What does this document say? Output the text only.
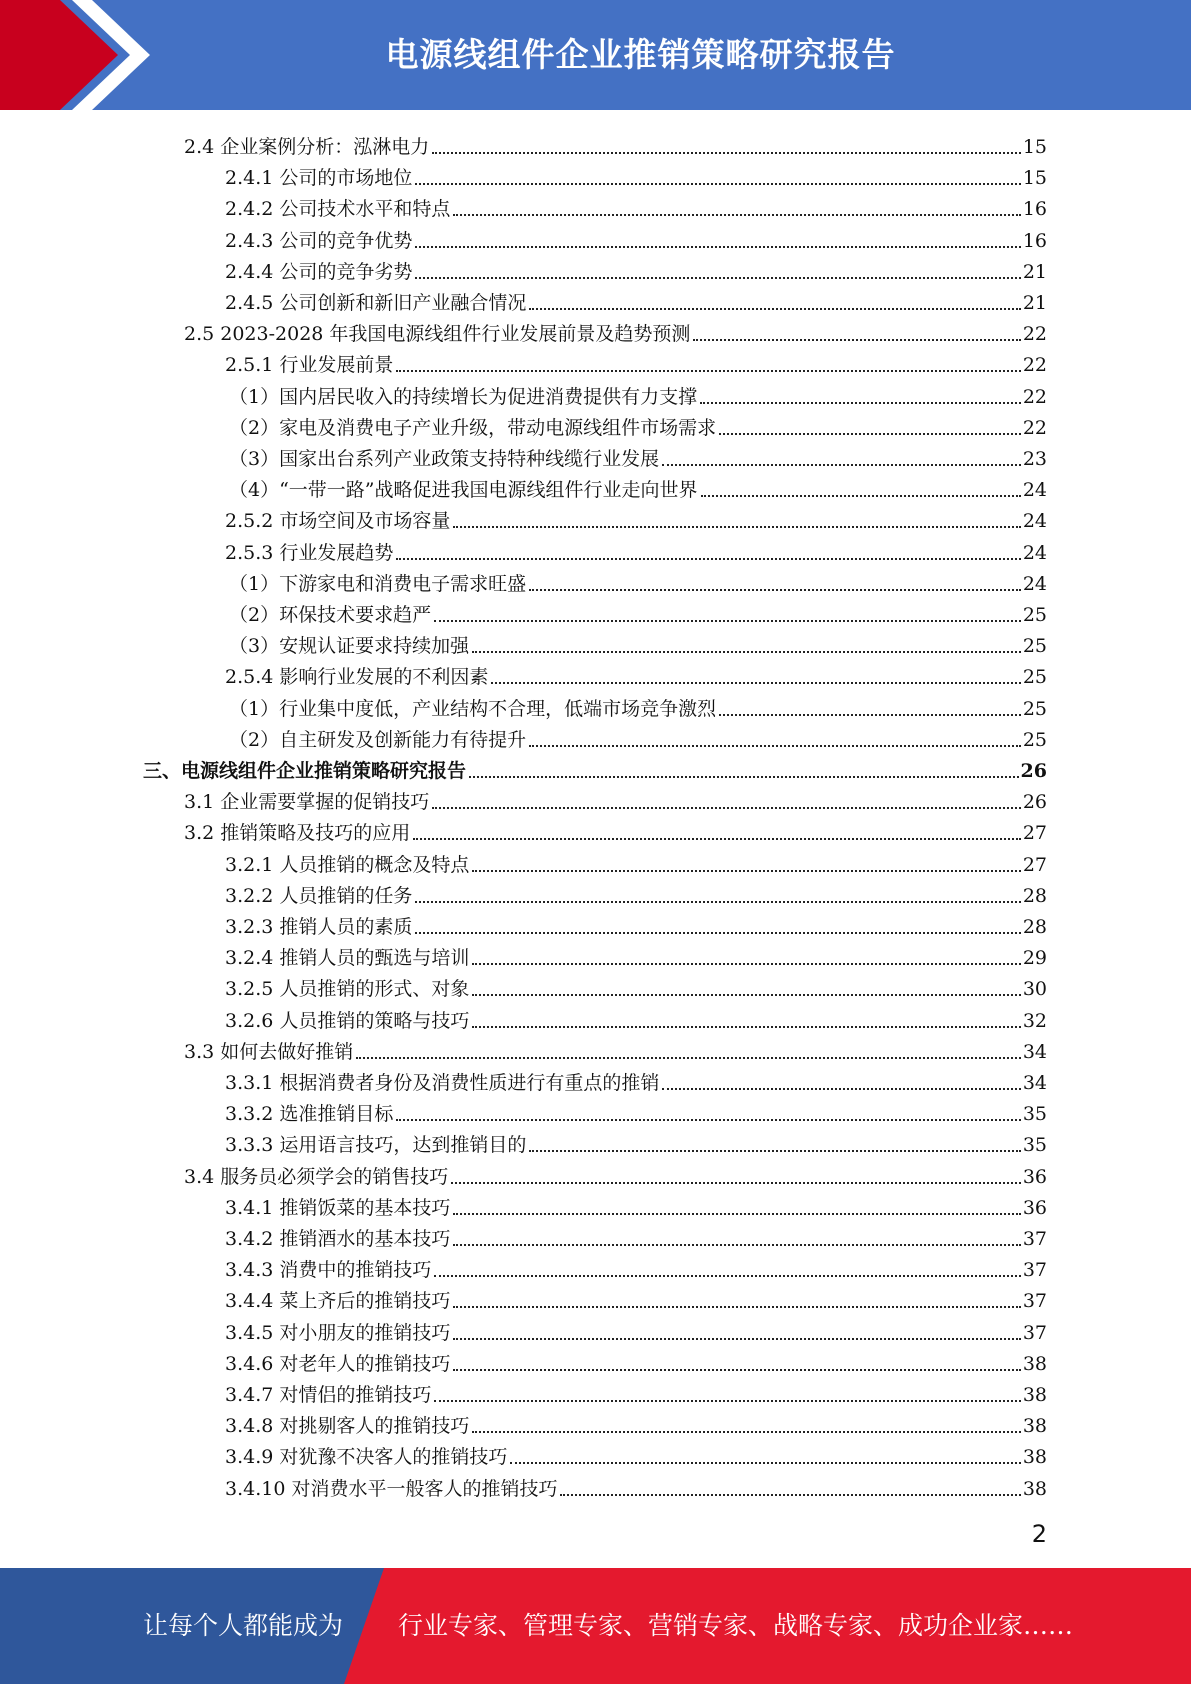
电源线组件企业推销策略研究报告
2.4 企业案例分析：泓淋电力	15
2.4.1 公司的市场地位	15
2.4.2 公司技术水平和特点	16
2.4.3 公司的竞争优势	16
2.4.4 公司的竞争劣势	21
2.4.5 公司创新和新旧产业融合情况	21
2.5 2023-2028 年我国电源线组件行业发展前景及趋势预测	22
2.5.1 行业发展前景	22
（1）国内居民收入的持续增长为促进消费提供有力支撑	22
（2）家电及消费电子产业升级，带动电源线组件市场需求	22
（3）国家出台系列产业政策支持特种线缆行业发展	23
（4）“一带一路”战略促进我国电源线组件行业走向世界	24
2.5.2 市场空间及市场容量	24
2.5.3 行业发展趋势	24
（1）下游家电和消费电子需求旺盛	24
（2）环保技术要求趋严	25
（3）安规认证要求持续加强	25
2.5.4 影响行业发展的不利因素	25
（1）行业集中度低，产业结构不合理，低端市场竞争激烈	25
（2）自主研发及创新能力有待提升	25
三、电源线组件企业推销策略研究报告	26
3.1 企业需要掌握的促销技巧	26
3.2 推销策略及技巧的应用	27
3.2.1 人员推销的概念及特点	27
3.2.2 人员推销的任务	28
3.2.3 推销人员的素质	28
3.2.4 推销人员的甄选与培训	29
3.2.5 人员推销的形式、对象	30
3.2.6 人员推销的策略与技巧	32
3.3 如何去做好推销	34
3.3.1 根据消费者身份及消费性质进行有重点的推销	34
3.3.2 选准推销目标	35
3.3.3 运用语言技巧，达到推销目的	35
3.4 服务员必须学会的销售技巧	36
3.4.1 推销饭菜的基本技巧	36
3.4.2 推销酒水的基本技巧	37
3.4.3 消费中的推销技巧	37
3.4.4 菜上齐后的推销技巧	37
3.4.5 对小朋友的推销技巧	37
3.4.6 对老年人的推销技巧	38
3.4.7 对情侣的推销技巧	38
3.4.8 对挑剔客人的推销技巧	38
3.4.9 对犹豫不决客人的推销技巧	38
3.4.10 对消费水平一般客人的推销技巧	38
2
让每个人都能成为 行业专家、管理专家、营销专家、战略专家、成功企业家……
